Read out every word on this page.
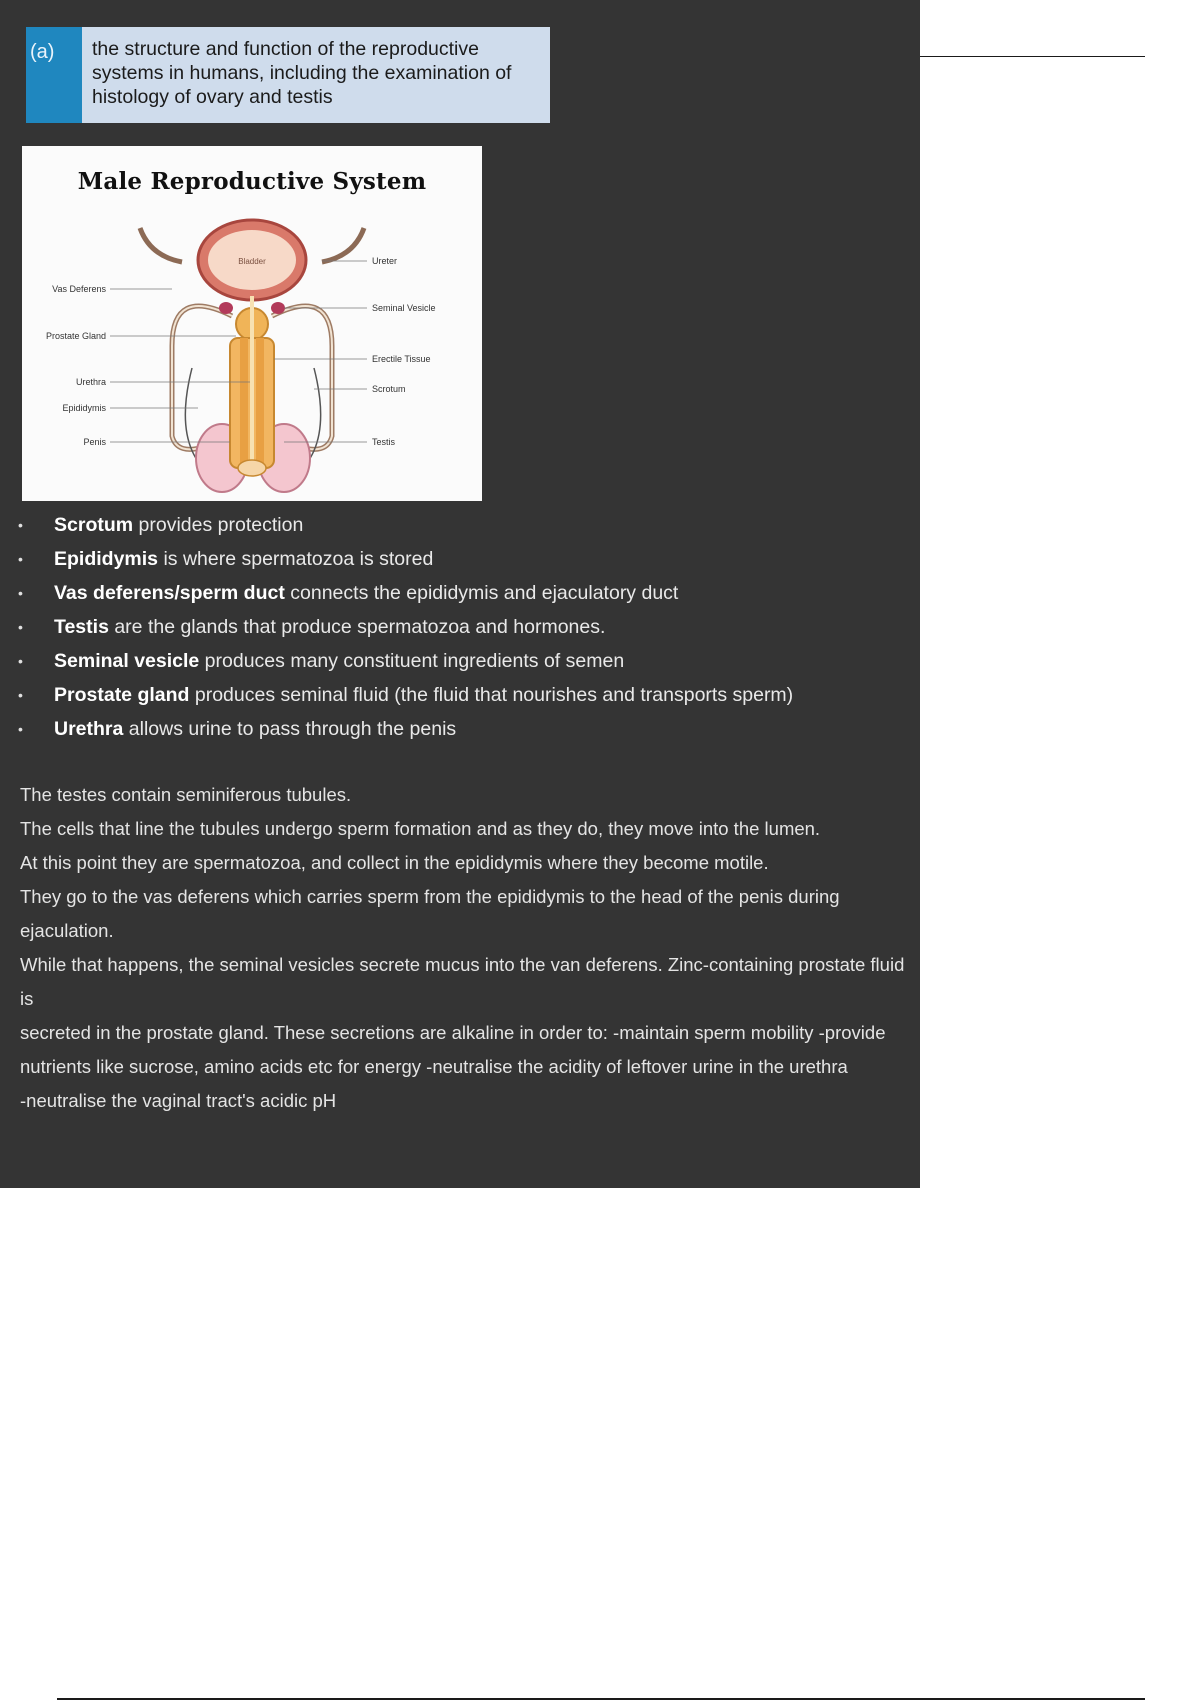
(a)	the structure and function of the reproductive systems in humans, including the examination of histology of ovary and testis
Male Reproductive System
Bladder	Ureter
Vas Deferens
Seminal Vesicle
Prostate Gland
Erectile Tissue
Urethra
Scrotum
Epididymis
Penis	Testis
• Scrotum provides protection
• Epididymis is where spermatozoa is stored
• Vas deferens/sperm duct connects the epididymis and ejaculatory duct
• Testis are the glands that produce spermatozoa and hormones.
• Seminal vesicle produces many constituent ingredients of semen
• Prostate gland produces seminal fluid (the fluid that nourishes and transports sperm)
• Urethra allows urine to pass through the penis

The testes contain seminiferous tubules.
The cells that line the tubules undergo sperm formation and as they do, they move into the lumen.
At this point they are spermatozoa, and collect in the epididymis where they become motile.
They go to the vas deferens which carries sperm from the epididymis to the head of the penis during ejaculation.
While that happens, the seminal vesicles secrete mucus into the van deferens. Zinc-containing prostate fluid is
secreted in the prostate gland. These secretions are alkaline in order to: -maintain sperm mobility -provide
nutrients like sucrose, amino acids etc for energy -neutralise the acidity of leftover urine in the urethra
-neutralise the vaginal tract's acidic pH
